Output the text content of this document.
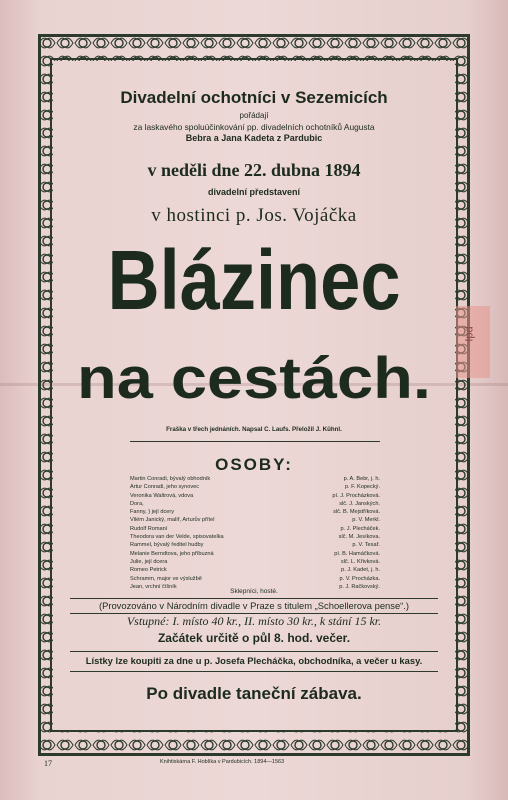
Ipd
Divadelní ochotníci v Sezemicích
pořádají
za laskavého spoluúčinkování pp. divadelních ochotníků Augusta
Bebra a Jana Kadeta z Pardubic
v neděli dne 22. dubna 1894
divadelní představení
v hostinci p. Jos. Vojáčka
Blázinec
na cestách.
Fraška v třech jednáních. Napsal C. Laufs. Přeložil J. Kühnl.
OSOBY:
Martin Conradi, bývalý obhodník	p. A. Bebr, j. h.
Artur Conradi, jeho synovec	p. F. Kopecký.
Veronika Waltrová, vdova	pí. J. Procházková.
Dora,	slč. J. Janských.
Fanny, } její dcery	slč. B. Mejstříková.
Vilém Janický, malíř, Arturův přítel	p. V. Merkl.
Rudolf Romaní	p. J. Plecháček.
Theodora van der Velde, spisovatelka	slč. M. Jesíkova.
Rammel, bývalý ředitel hudby	p. V. Tesař.
Melanie Berndtova, jeho příbuzná	pí. B. Hamáčková.
Julie, její dcera	slč. L. Křivková.
Romeo Petrick	p. J. Kadet, j. h.
Schramm, major ve výslužbě	p. V. Procházka.
Jean, vrchní číšník	p. J. Račkovský.
Sklepníci, hosté.
(Provozováno v Národním divadle v Praze s titulem „Schoellerova pense“.)
Vstupné: I. místo 40 kr., II. místo 30 kr., k stání 15 kr.
Začátek určitě o půl 8. hod. večer.
Lístky lze koupiti za dne u p. Josefa Plecháčka, obchodníka, a večer u kasy.
Po divadle taneční zábava.
17	Knihtiskárna F. Hoblíka v Pardubicích. 1894—1563
